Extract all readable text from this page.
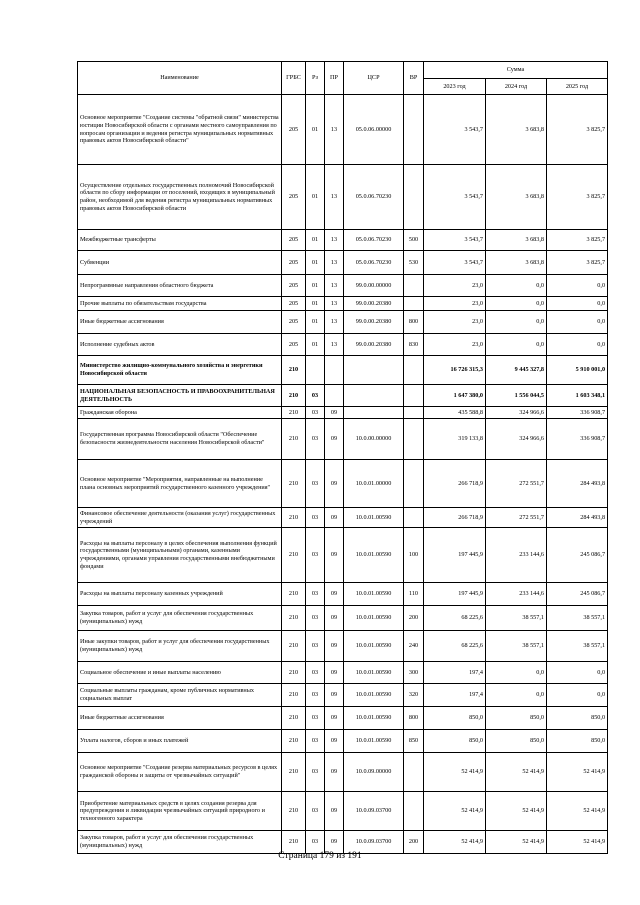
Наименование	ГРБС	Рз	ПР	ЦСР	ВР	Сумма		
						2023 год	2024 год	2025 год
Основное мероприятие "Создание системы "обратной связи" министерства юстиции Новосибирской области с органами местного самоуправления по вопросам организации и ведения регистра муниципальных нормативных правовых актов Новосибирской области"	205	01	13	05.0.06.00000		3 543,7	3 683,8	3 825,7
Осуществление отдельных государственных полномочий Новосибирской области по сбору информации от поселений, входящих в муниципальный район, необходимой для ведения регистра муниципальных нормативных правовых актов Новосибирской области	205	01	13	05.0.06.70230		3 543,7	3 683,8	3 825,7
Межбюджетные трансферты	205	01	13	05.0.06.70230	500	3 543,7	3 683,8	3 825,7
Субвенции	205	01	13	05.0.06.70230	530	3 543,7	3 683,8	3 825,7
Непрограммные направления областного бюджета	205	01	13	99.0.00.00000		23,0	0,0	0,0
Прочие выплаты по обязательствам государства	205	01	13	99.0.00.20380		23,0	0,0	0,0
Иные бюджетные ассигнования	205	01	13	99.0.00.20380	800	23,0	0,0	0,0
Исполнение судебных актов	205	01	13	99.0.00.20380	830	23,0	0,0	0,0
Министерство жилищно-коммунального хозяйства и энергетики Новосибирской области	210					16 726 315,3	9 445 327,8	5 910 001,0
НАЦИОНАЛЬНАЯ БЕЗОПАСНОСТЬ И ПРАВООХРАНИТЕЛЬНАЯ ДЕЯТЕЛЬНОСТЬ	210	03				1 647 380,0	1 556 044,5	1 603 348,1
Гражданская оборона	210	03	09			435 588,8	324 966,6	336 908,7
Государственная программа Новосибирской области "Обеспечение безопасности жизнедеятельности населения Новосибирской области"	210	03	09	10.0.00.00000		319 133,8	324 966,6	336 908,7
Основное мероприятие "Мероприятия, направленные на выполнение плана основных мероприятий государственного казенного учреждения"	210	03	09	10.0.01.00000		266 718,9	272 551,7	284 493,8
Финансовое обеспечение деятельности (оказания услуг) государственных учреждений	210	03	09	10.0.01.00590		266 718,9	272 551,7	284 493,8
Расходы на выплаты персоналу в целях обеспечения выполнения функций государственными (муниципальными) органами, казенными учреждениями, органами управления государственными внебюджетными фондами	210	03	09	10.0.01.00590	100	197 445,9	233 144,6	245 086,7
Расходы на выплаты персоналу казенных учреждений	210	03	09	10.0.01.00590	110	197 445,9	233 144,6	245 086,7
Закупка товаров, работ и услуг для обеспечения государственных (муниципальных) нужд	210	03	09	10.0.01.00590	200	68 225,6	38 557,1	38 557,1
Иные закупки товаров, работ и услуг для обеспечения государственных (муниципальных) нужд	210	03	09	10.0.01.00590	240	68 225,6	38 557,1	38 557,1
Социальное обеспечение и иные выплаты населению	210	03	09	10.0.01.00590	300	197,4	0,0	0,0
Социальные выплаты гражданам, кроме публичных нормативных социальных выплат	210	03	09	10.0.01.00590	320	197,4	0,0	0,0
Иные бюджетные ассигнования	210	03	09	10.0.01.00590	800	850,0	850,0	850,0
Уплата налогов, сборов и иных платежей	210	03	09	10.0.01.00590	850	850,0	850,0	850,0
Основное мероприятие "Создание резерва материальных ресурсов в целях гражданской обороны и защиты от чрезвычайных ситуаций"	210	03	09	10.0.09.00000		52 414,9	52 414,9	52 414,9
Приобретение материальных средств в целях создания резерва для предупреждения и ликвидации чрезвычайных ситуаций природного и техногенного характера	210	03	09	10.0.09.03700		52 414,9	52 414,9	52 414,9
Закупка товаров, работ и услуг для обеспечения государственных (муниципальных) нужд	210	03	09	10.0.09.03700	200	52 414,9	52 414,9	52 414,9
Страница 179 из 191
